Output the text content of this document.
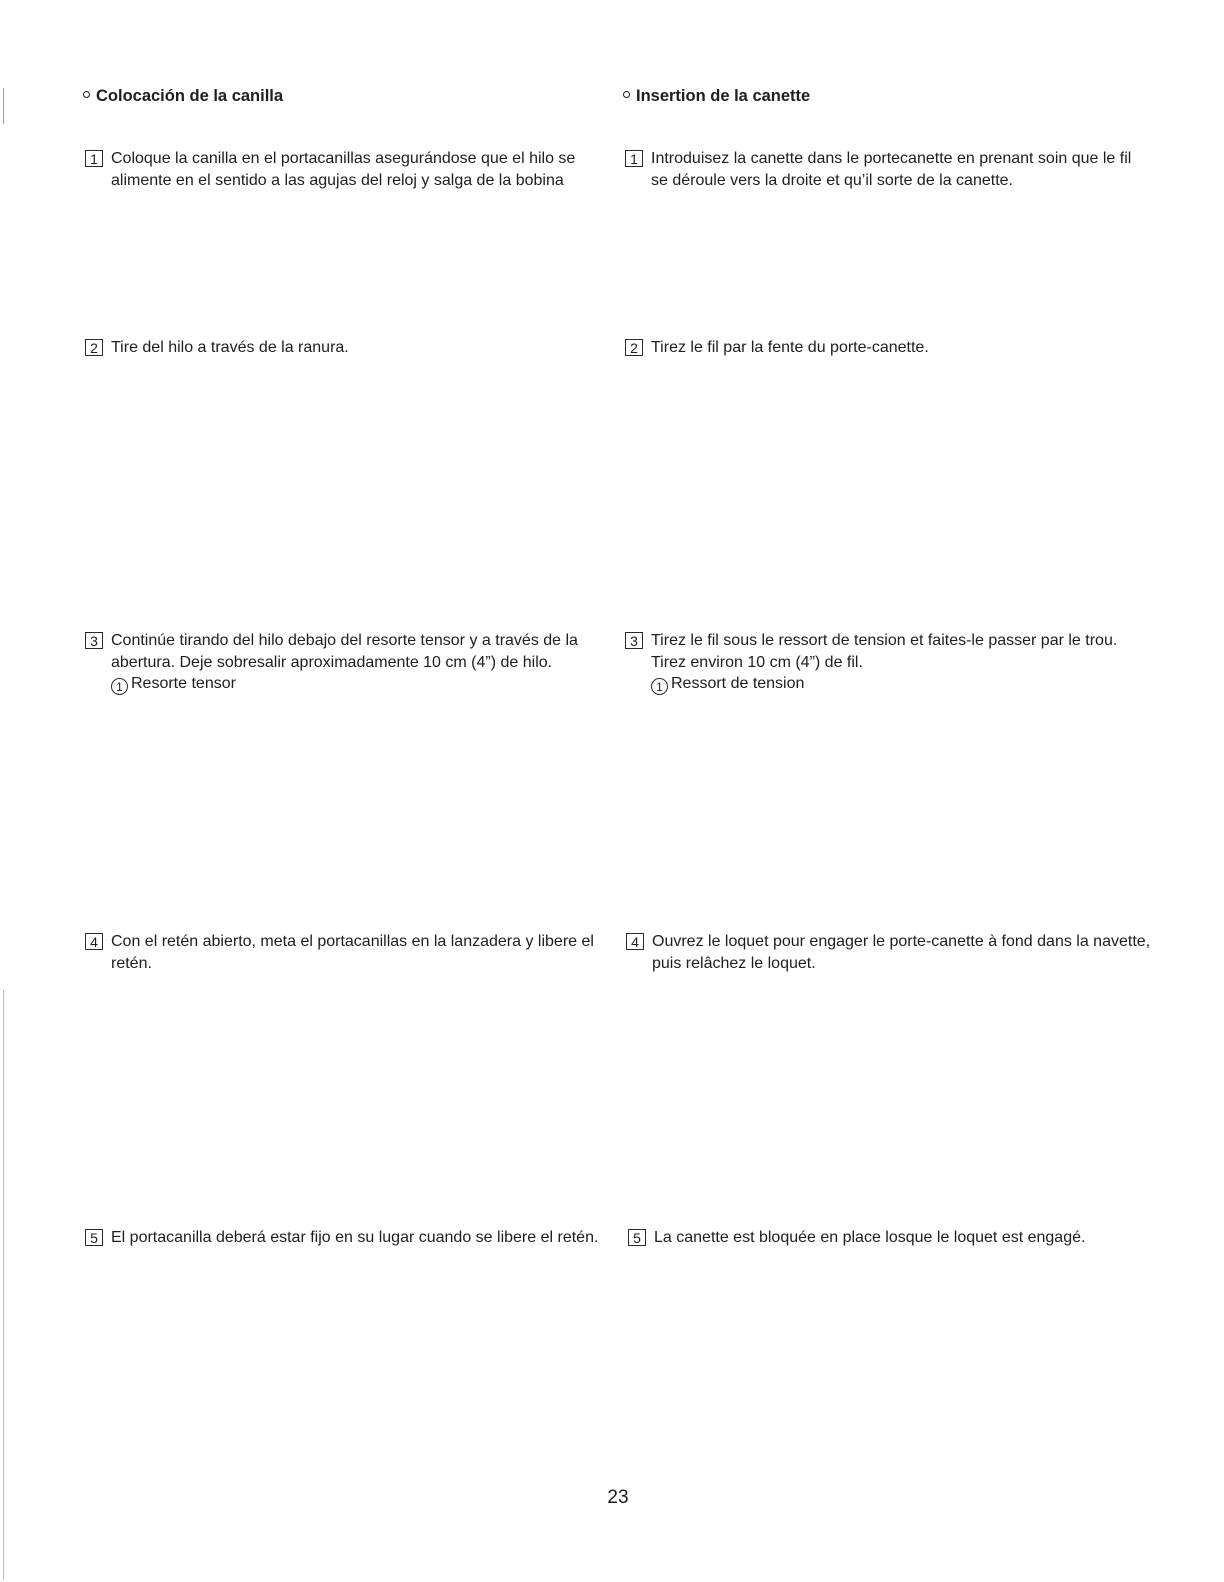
Colocación de la canilla
1 Coloque la canilla en el portacanillas asegurándose que el hilo se alimente en el sentido a las agujas del reloj y salga de la bobina
2 Tire del hilo a través de la ranura.
3 Continúe tirando del hilo debajo del resorte tensor y a través de la abertura. Deje sobresalir aproximadamente 10 cm (4”) de hilo.
1 Resorte tensor
4 Con el retén abierto, meta el portacanillas en la lanzadera y libere el retén.
5 El portacanilla deberá estar fijo en su lugar cuando se libere el retén.
Insertion de la canette
1 Introduisez la canette dans le portecanette en prenant soin que le fil se déroule vers la droite et qu’il sorte de la canette.
2 Tirez le fil par la fente du porte-canette.
3 Tirez le fil sous le ressort de tension et faites-le passer par le trou. Tirez environ 10 cm (4”) de fil.
1 Ressort de tension
4 Ouvrez le loquet pour engager le porte-canette à fond dans la navette, puis relâchez le loquet.
5 La canette est bloquée en place losque le loquet est engagé.
23
